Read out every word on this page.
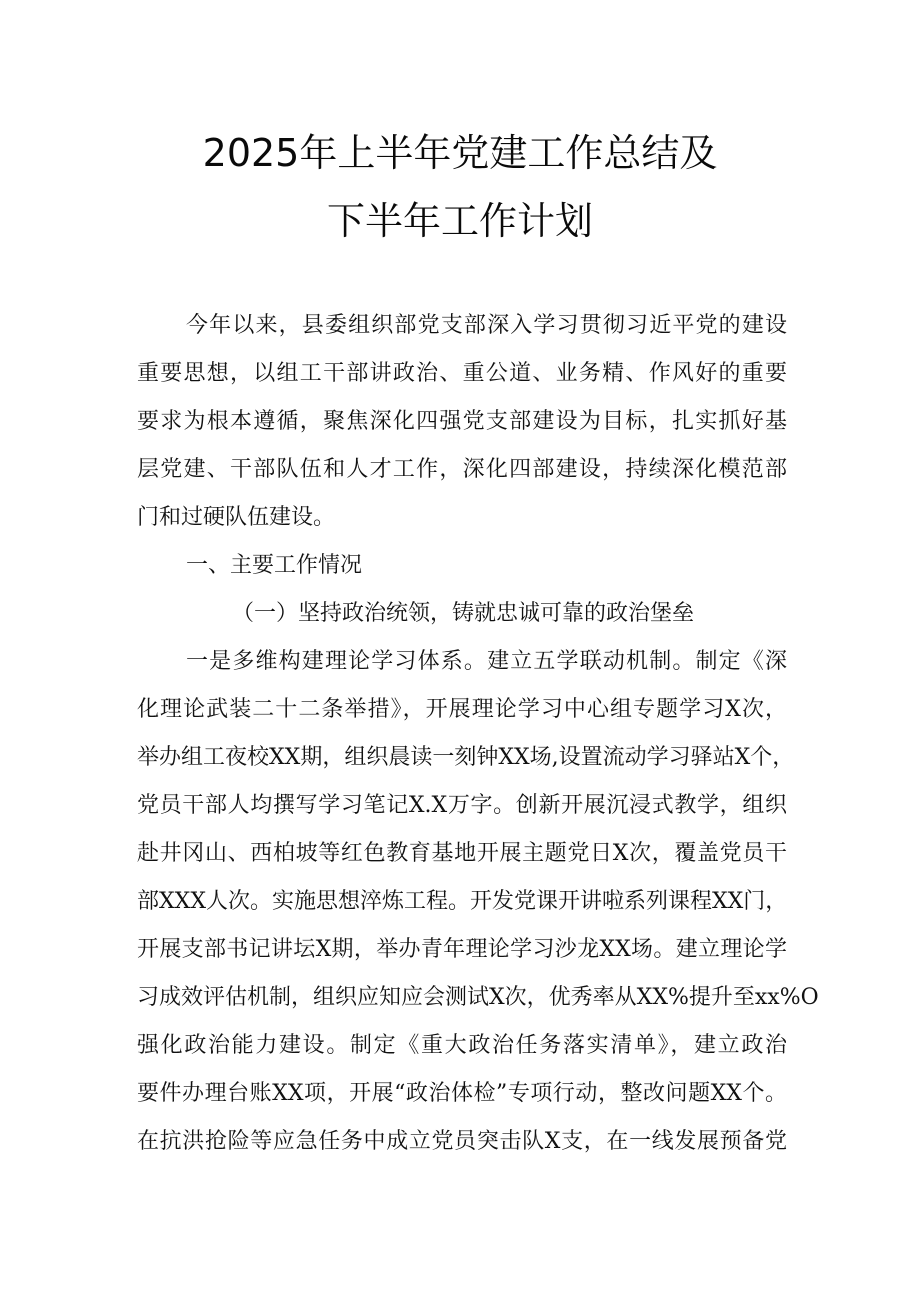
2025年上半年党建工作总结及
下半年工作计划
今年以来，县委组织部党支部深入学习贯彻习近平党的建设
重要思想，以组工干部讲政治、重公道、业务精、作风好的重要
要求为根本遵循，聚焦深化四强党支部建设为目标，扎实抓好基
层党建、干部队伍和人才工作，深化四部建设，持续深化模范部
门和过硬队伍建设。
一、主要工作情况
（一）坚持政治统领，铸就忠诚可靠的政治堡垒
一是多维构建理论学习体系。建立五学联动机制。制定《深
化理论武装二十二条举措》，开展理论学习中心组专题学习X次，
举办组工夜校XX期，组织晨读一刻钟XX场,设置流动学习驿站X个，
党员干部人均撰写学习笔记X.X万字。创新开展沉浸式教学，组织
赴井冈山、西柏坡等红色教育基地开展主题党日X次，覆盖党员干
部XXX人次。实施思想淬炼工程。开发党课开讲啦系列课程XX门，
开展支部书记讲坛X期，举办青年理论学习沙龙XX场。建立理论学
习成效评估机制，组织应知应会测试X次，优秀率从XX%提升至xx%O
强化政治能力建设。制定《重大政治任务落实清单》，建立政治
要件办理台账XX项，开展“政治体检”专项行动，整改问题XX个。
在抗洪抢险等应急任务中成立党员突击队X支，在一线发展预备党
